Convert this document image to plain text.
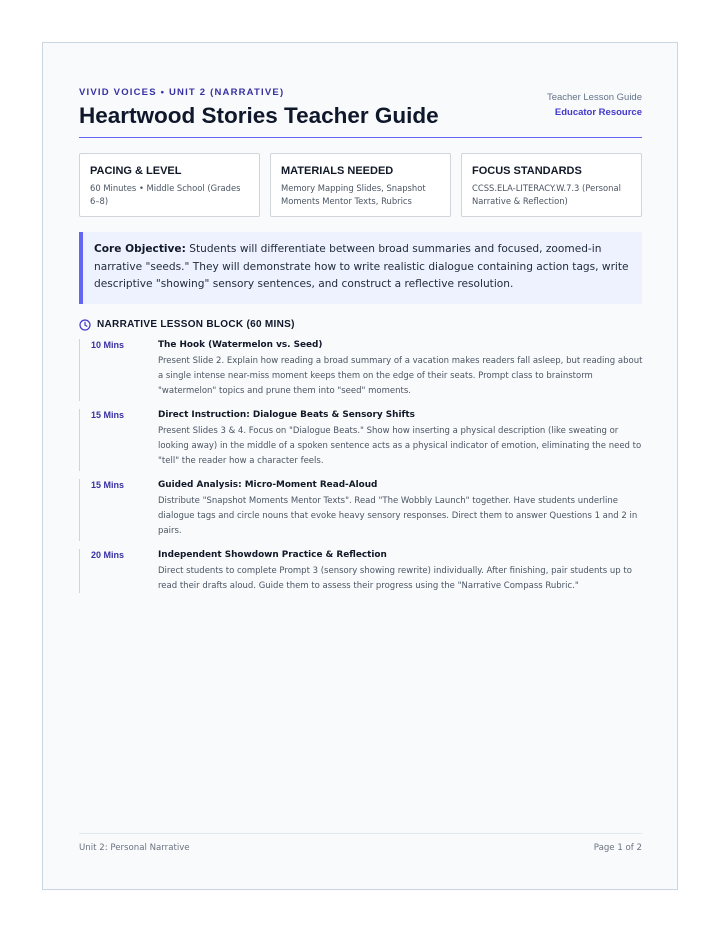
VIVID VOICES • UNIT 2 (NARRATIVE)
Heartwood Stories Teacher Guide
Teacher Lesson Guide
Educator Resource
PACING & LEVEL
60 Minutes • Middle School (Grades 6–8)
MATERIALS NEEDED
Memory Mapping Slides, Snapshot Moments Mentor Texts, Rubrics
FOCUS STANDARDS
CCSS.ELA-LITERACY.W.7.3 (Personal Narrative & Reflection)
Core Objective: Students will differentiate between broad summaries and focused, zoomed-in narrative "seeds." They will demonstrate how to write realistic dialogue containing action tags, write descriptive "showing" sensory sentences, and construct a reflective resolution.
NARRATIVE LESSON BLOCK (60 MINS)
10 Mins	The Hook (Watermelon vs. Seed)
Present Slide 2. Explain how reading a broad summary of a vacation makes readers fall asleep, but reading about a single intense near-miss moment keeps them on the edge of their seats. Prompt class to brainstorm "watermelon" topics and prune them into "seed" moments.
15 Mins	Direct Instruction: Dialogue Beats & Sensory Shifts
Present Slides 3 & 4. Focus on "Dialogue Beats." Show how inserting a physical description (like sweating or looking away) in the middle of a spoken sentence acts as a physical indicator of emotion, eliminating the need to "tell" the reader how a character feels.
15 Mins	Guided Analysis: Micro-Moment Read-Aloud
Distribute "Snapshot Moments Mentor Texts". Read "The Wobbly Launch" together. Have students underline dialogue tags and circle nouns that evoke heavy sensory responses. Direct them to answer Questions 1 and 2 in pairs.
20 Mins	Independent Showdown Practice & Reflection
Direct students to complete Prompt 3 (sensory showing rewrite) individually. After finishing, pair students up to read their drafts aloud. Guide them to assess their progress using the "Narrative Compass Rubric."
Unit 2: Personal Narrative	Page 1 of 2
